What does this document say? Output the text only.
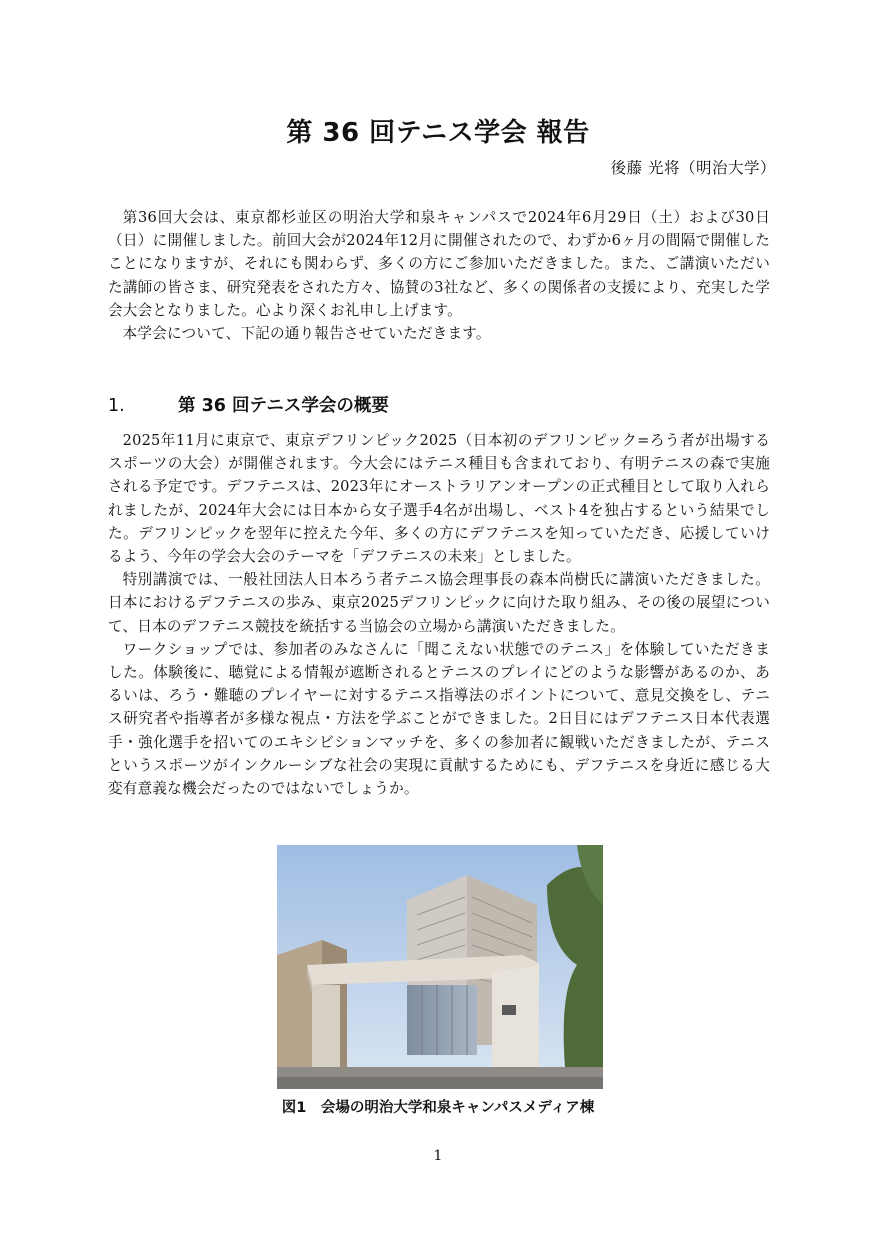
第 36 回テニス学会 報告
後藤 光将（明治大学）

第36回大会は、東京都杉並区の明治大学和泉キャンパスで2024年6月29日（土）および30日（日）に開催しました。前回大会が2024年12月に開催されたので、わずか6ヶ月の間隔で開催したことになりますが、それにも関わらず、多くの方にご参加いただきました。また、ご講演いただいた講師の皆さま、研究発表をされた方々、協賛の3社など、多くの関係者の支援により、充実した学会大会となりました。心より深くお礼申し上げます。

本学会について、下記の通り報告させていただきます。

1.	第 36 回テニス学会の概要

2025年11月に東京で、東京デフリンピック2025（日本初のデフリンピック=ろう者が出場するスポーツの大会）が開催されます。今大会にはテニス種目も含まれており、有明テニスの森で実施される予定です。デフテニスは、2023年にオーストラリアンオープンの正式種目として取り入れられましたが、2024年大会には日本から女子選手4名が出場し、ベスト4を独占するという結果でした。デフリンピックを翌年に控えた今年、多くの方にデフテニスを知っていただき、応援していけるよう、今年の学会大会のテーマを「デフテニスの未来」としました。

特別講演では、一般社団法人日本ろう者テニス協会理事長の森本尚樹氏に講演いただきました。日本におけるデフテニスの歩み、東京2025デフリンピックに向けた取り組み、その後の展望について、日本のデフテニス競技を統括する当協会の立場から講演いただきました。

ワークショップでは、参加者のみなさんに「聞こえない状態でのテニス」を体験していただきました。体験後に、聴覚による情報が遮断されるとテニスのプレイにどのような影響があるのか、あるいは、ろう・難聴のプレイヤーに対するテニス指導法のポイントについて、意見交換をし、テニス研究者や指導者が多様な視点・方法を学ぶことができました。2日目にはデフテニス日本代表選手・強化選手を招いてのエキシビションマッチを、多くの参加者に観戦いただきましたが、テニスというスポーツがインクルーシブな社会の実現に貢献するためにも、デフテニスを身近に感じる大変有意義な機会だったのではないでしょうか。

図1　会場の明治大学和泉キャンパスメディア棟
1
